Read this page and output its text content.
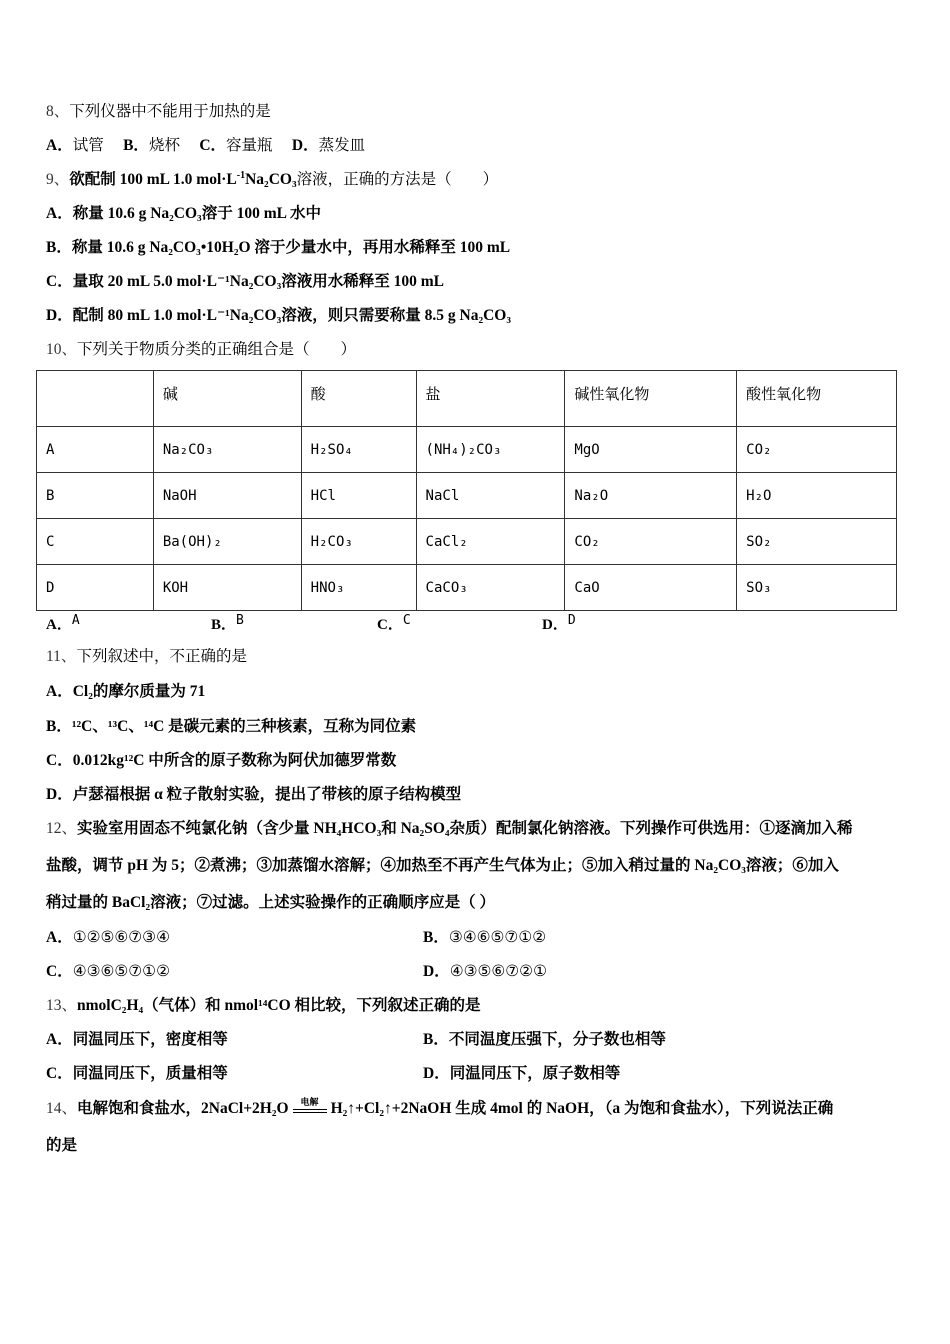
8、下列仪器中不能用于加热的是
A．试管 B．烧杯 C．容量瓶 D．蒸发皿
9、欲配制 100 mL 1.0 $mol\cdot L^{-1}Na_2CO_3$溶液，正确的方法是（　　）
A．称量 10.6 g Na₂CO₃溶于 100 mL 水中
B．称量 10.6 g Na₂CO₃•10H₂O 溶于少量水中，再用水稀释至 100 mL
C．量取 20 mL 5.0 mol·L⁻¹Na₂CO₃溶液用水稀释至 100 mL
D．配制 80 mL 1.0 mol·L⁻¹Na₂CO₃溶液，则只需要称量 8.5 g Na₂CO₃
10、下列关于物质分类的正确组合是（　　）
	碱	酸	盐	碱性氧化物	酸性氧化物
A	Na₂CO₃	H₂SO₄	(NH₄)₂CO₃	MgO	CO₂
B	NaOH	HCl	NaCl	Na₂O	H₂O
C	Ba(OH)₂	H₂CO₃	CaCl₂	CO₂	SO₂
D	KOH	HNO₃	CaCO₃	CaO	SO₃
A． A	B． B	C． C	D． D
11、下列叙述中，不正确的是
A．Cl₂的摩尔质量为 71
B．¹²C、¹³C、¹⁴C 是碳元素的三种核素，互称为同位素
C．0.012kg¹²C 中所含的原子数称为阿伏加德罗常数
D．卢瑟福根据 α 粒子散射实验，提出了带核的原子结构模型
12、实验室用固态不纯氯化钠（含少量 NH₄HCO₃和 Na₂SO₄杂质）配制氯化钠溶液。下列操作可供选用：①逐滴加入稀
盐酸，调节 pH 为 5；②煮沸；③加蒸馏水溶解；④加热至不再产生气体为止；⑤加入稍过量的 Na₂CO₃溶液；⑥加入
稍过量的 BaCl₂溶液；⑦过滤。上述实验操作的正确顺序应是（ ）
A．①②⑤⑥⑦③④	B．③④⑥⑤⑦①②
C．④③⑥⑤⑦①②	D．④③⑤⑥⑦②①
13、nmolC₂H₄（气体）和 nmol¹⁴CO 相比较，下列叙述正确的是
A．同温同压下，密度相等	B．不同温度压强下，分子数也相等
C．同温同压下，质量相等	D．同温同压下，原子数相等
14、电解饱和食盐水，2NaCl+2H₂O	电解 H₂↑+Cl₂↑+2NaOH 生成 4mol 的 NaOH，（a 为饱和食盐水），下列说法正确
的是
